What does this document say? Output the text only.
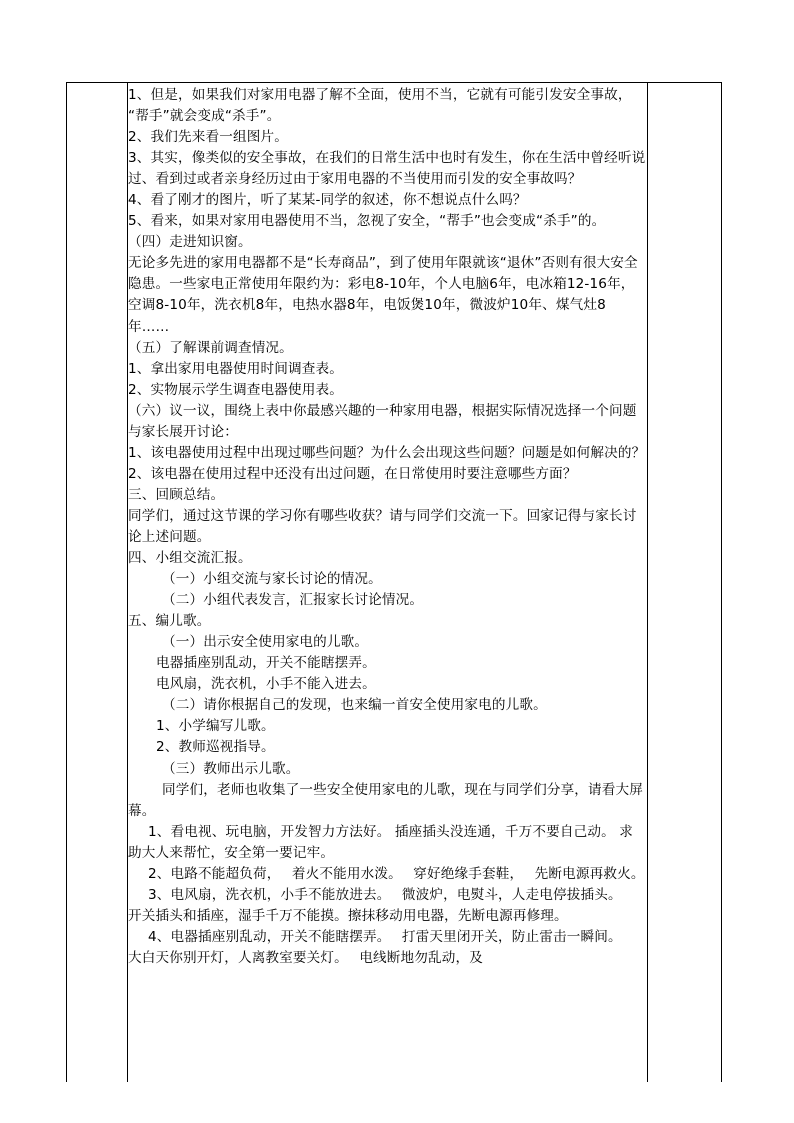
1、但是，如果我们对家用电器了解不全面，使用不当，它就有可能引发安全事故，　 “帮手”就会变成“杀手”。

2、我们先来看一组图片。

3、其实，像类似的安全事故，在我们的日常生活中也时有发生，你在生活中曾经听说过、看到过或者亲身经历过由于家用电器的不当使用而引发的安全事故吗？

4、看了刚才的图片，听了某某-同学的叙述，你不想说点什么吗？

5、看来，如果对家用电器使用不当，忽视了安全，“帮手”也会变成“杀手”的。

（四）走进知识窗。

无论多先进的家用电器都不是“长寿商品”，到了使用年限就该“退休”否则有很大安全隐患。一些家电正常使用年限约为：彩电8-10年，个人电脑6年，电冰箱12-16年，空调8-10年，洗衣机8年，电热水器8年，电饭煲10年，微波炉10年、煤气灶8年……

（五）了解课前调查情况。

1、拿出家用电器使用时间调查表。

2、实物展示学生调查电器使用表。

（六）议一议，围绕上表中你最感兴趣的一种家用电器，根据实际情况选择一个问题与家长展开讨论：

1、该电器使用过程中出现过哪些问题？为什么会出现这些问题？问题是如何解决的？

2、该电器在使用过程中还没有出过问题，在日常使用时要注意哪些方面？

三、回顾总结。

同学们，通过这节课的学习你有哪些收获？请与同学们交流一下。回家记得与家长讨论上述问题。

四、小组交流汇报。

（一）小组交流与家长讨论的情况。

（二）小组代表发言，汇报家长讨论情况。

五、编儿歌。

（一）出示安全使用家电的儿歌。

电器插座别乱动，开关不能瞎摆弄。

电风扇，洗衣机，小手不能入进去。

（二）请你根据自己的发现，也来编一首安全使用家电的儿歌。

1、小学编写儿歌。

2、教师巡视指导。

（三）教师出示儿歌。

同学们，老师也收集了一些安全使用家电的儿歌，现在与同学们分享，请看大屏幕。

1、看电视、玩电脑，开发智力方法好。 插座插头没连通，千万不要自己动。 求助大人来帮忙，安全第一要记牢。

2、电路不能超负荷，　 着火不能用水泼。　 穿好绝缘手套鞋，　 先断电源再救火。

3、电风扇，洗衣机，小手不能放进去。　 微波炉，电熨斗，人走电停拔插头。　 开关插头和插座，湿手千万不能摸。擦抹移动用电器，先断电源再修理。

4、电器插座别乱动，开关不能瞎摆弄。　 打雷天里闭开关，防止雷击一瞬间。　 大白天你别开灯，人离教室要关灯。　 电线断地勿乱动，及
